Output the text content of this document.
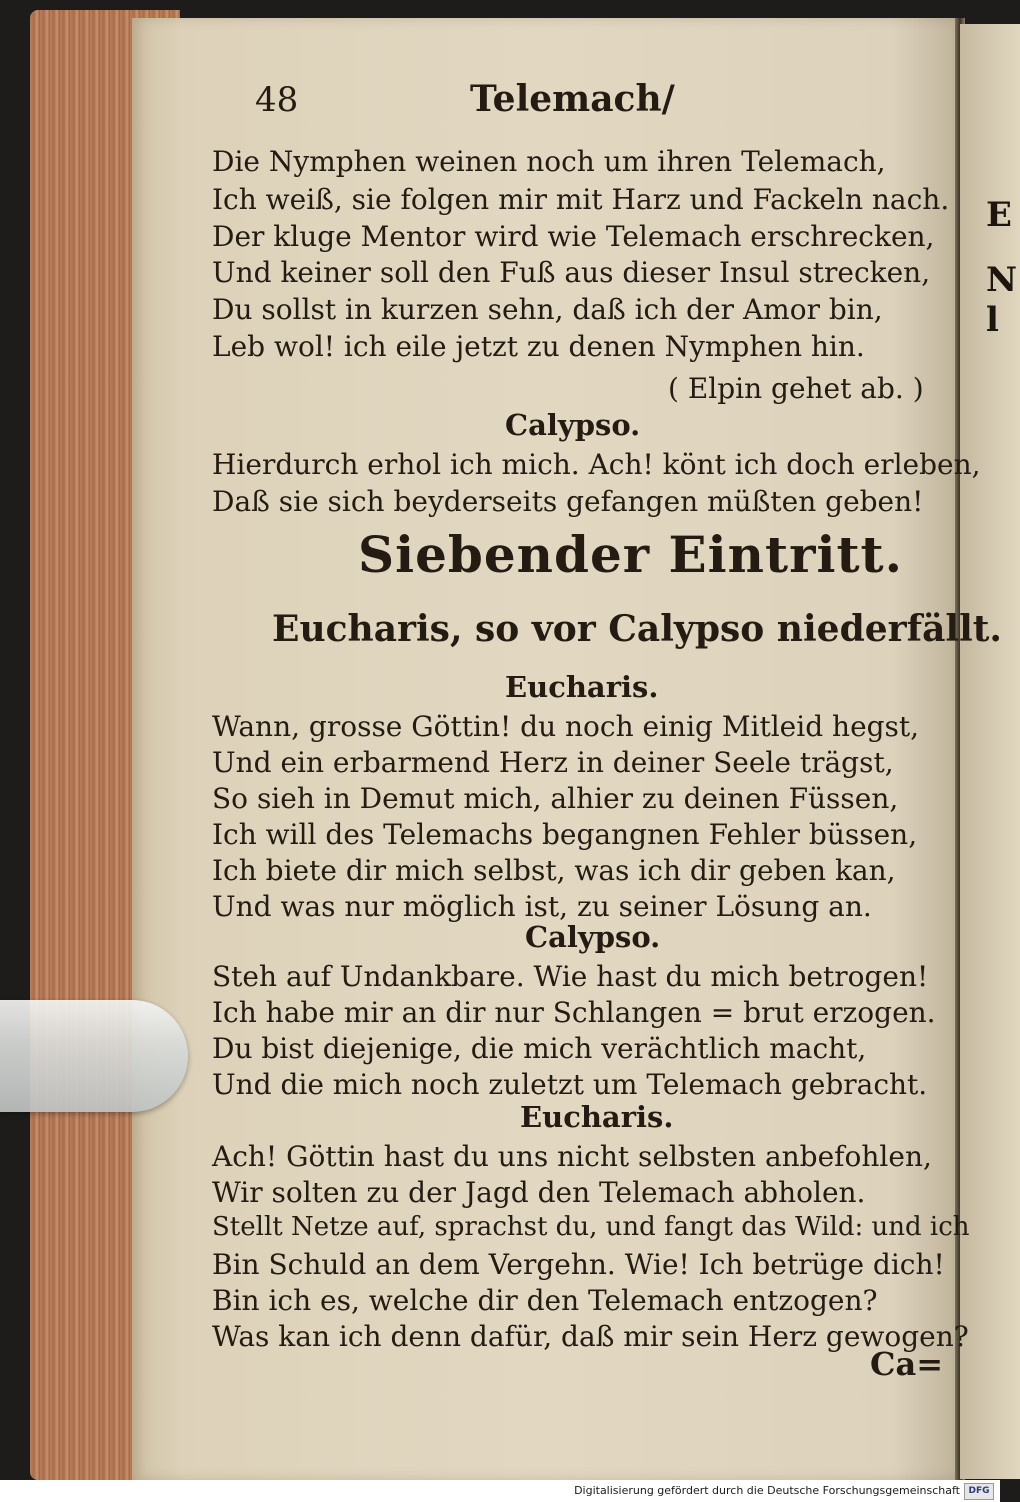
E
N
l
48	Telemach/
Die Nymphen weinen noch um ihren Telemach,
Ich weiß, sie folgen mir mit Harz und Fackeln nach.
Der kluge Mentor wird wie Telemach erschrecken,
Und keiner soll den Fuß aus dieser Insul strecken,
Du sollst in kurzen sehn, daß ich der Amor bin,
Leb wol! ich eile jetzt zu denen Nymphen hin.
( Elpin gehet ab. )
Calypso.
Hierdurch erhol ich mich. Ach! könt ich doch erleben,
Daß sie sich beyderseits gefangen müßten geben!
Siebender Eintritt.
Eucharis, so vor Calypso niederfällt.
Eucharis.
Wann, grosse Göttin! du noch einig Mitleid hegst,
Und ein erbarmend Herz in deiner Seele trägst,
So sieh in Demut mich, alhier zu deinen Füssen,
Ich will des Telemachs begangnen Fehler büssen,
Ich biete dir mich selbst, was ich dir geben kan,
Und was nur möglich ist, zu seiner Lösung an.
Calypso.
Steh auf Undankbare. Wie hast du mich betrogen!
Ich habe mir an dir nur Schlangen = brut erzogen.
Du bist diejenige, die mich verächtlich macht,
Und die mich noch zuletzt um Telemach gebracht.
Eucharis.
Ach! Göttin hast du uns nicht selbsten anbefohlen,
Wir solten zu der Jagd den Telemach abholen.
Stellt Netze auf, sprachst du, und fangt das Wild: und ich
Bin Schuld an dem Vergehn. Wie! Ich betrüge dich!
Bin ich es, welche dir den Telemach entzogen?
Was kan ich denn dafür, daß mir sein Herz gewogen?
Ca=
Digitalisierung gefördert durch die Deutsche Forschungsgemeinschaft DFG
